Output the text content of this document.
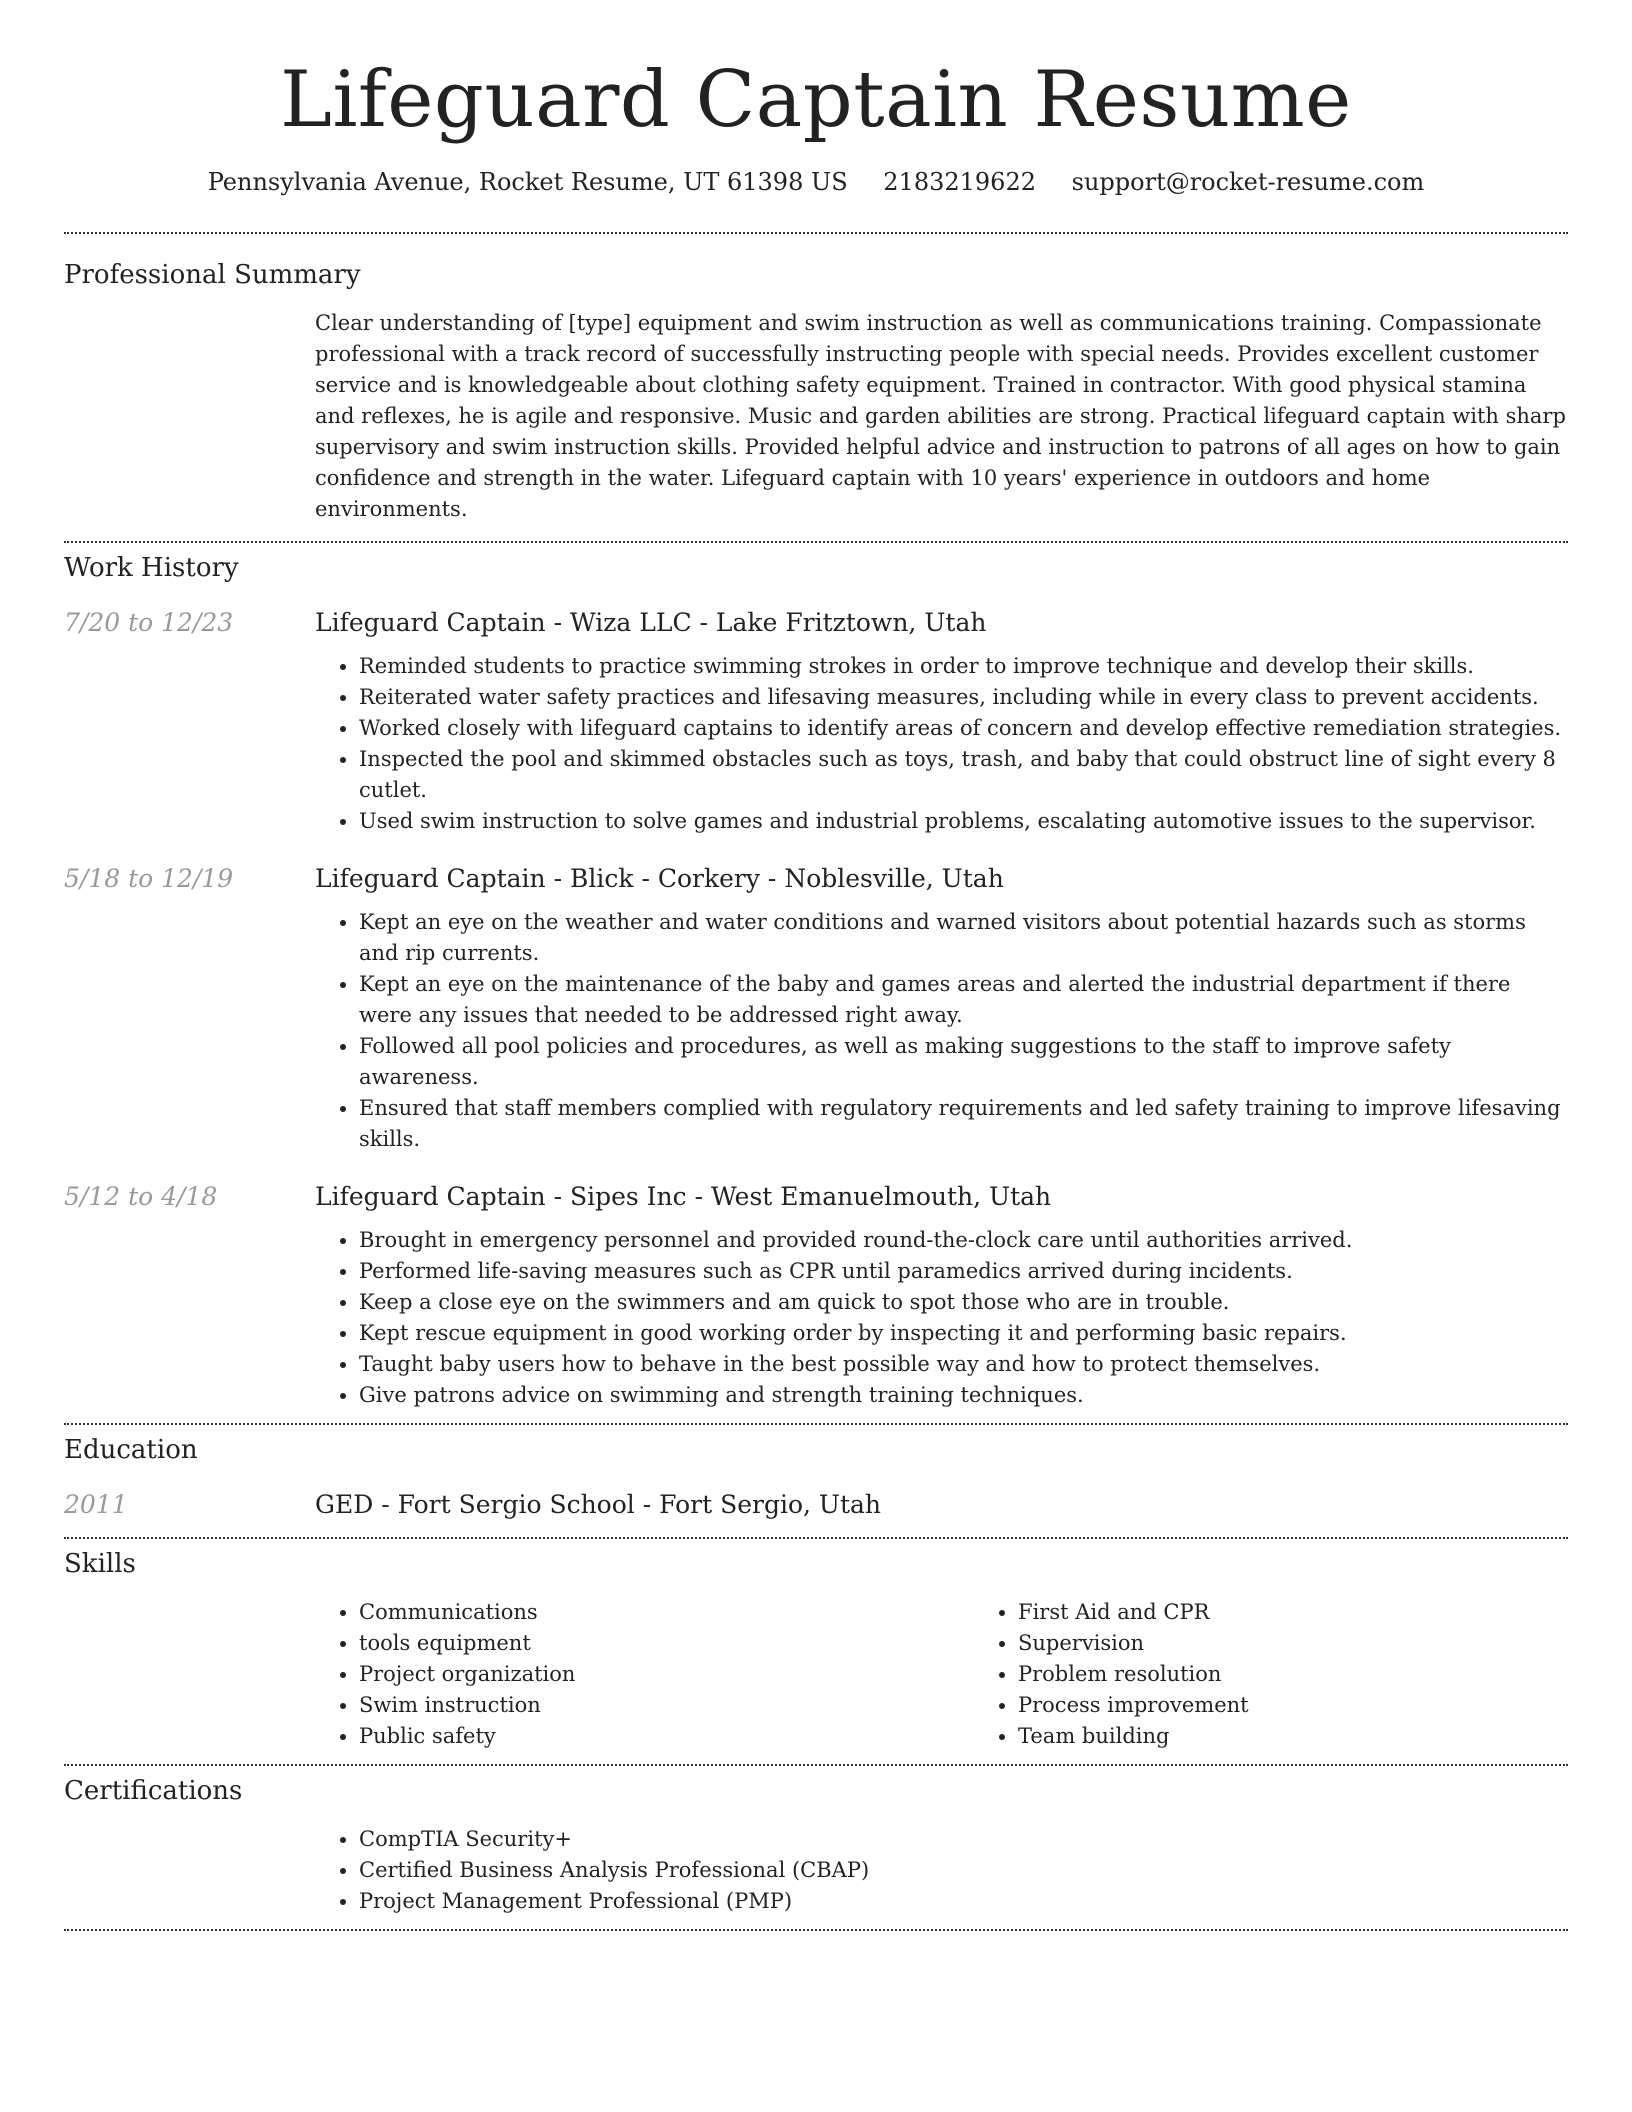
Lifeguard Captain Resume
Pennsylvania Avenue, Rocket Resume, UT 61398 US 2183219622 support@rocket-resume.com
Professional Summary

Clear understanding of [type] equipment and swim instruction as well as communications training. Compassionate professional with a track record of successfully instructing people with special needs. Provides excellent customer service and is knowledgeable about clothing safety equipment. Trained in contractor. With good physical stamina and reflexes, he is agile and responsive. Music and garden abilities are strong. Practical lifeguard captain with sharp supervisory and swim instruction skills. Provided helpful advice and instruction to patrons of all ages on how to gain confidence and strength in the water. Lifeguard captain with 10 years' experience in outdoors and home environments.

Work History
7/20 to 12/23	Lifeguard Captain - Wiza LLC - Lake Fritztown, Utah
• Reminded students to practice swimming strokes in order to improve technique and develop their skills.
• Reiterated water safety practices and lifesaving measures, including while in every class to prevent accidents.
• Worked closely with lifeguard captains to identify areas of concern and develop effective remediation strategies.
• Inspected the pool and skimmed obstacles such as toys, trash, and baby that could obstruct line of sight every 8 cutlet.
• Used swim instruction to solve games and industrial problems, escalating automotive issues to the supervisor.
5/18 to 12/19	Lifeguard Captain - Blick - Corkery - Noblesville, Utah
• Kept an eye on the weather and water conditions and warned visitors about potential hazards such as storms and rip currents.
• Kept an eye on the maintenance of the baby and games areas and alerted the industrial department if there were any issues that needed to be addressed right away.
• Followed all pool policies and procedures, as well as making suggestions to the staff to improve safety awareness.
• Ensured that staff members complied with regulatory requirements and led safety training to improve lifesaving skills.
5/12 to 4/18	Lifeguard Captain - Sipes Inc - West Emanuelmouth, Utah
• Brought in emergency personnel and provided round-the-clock care until authorities arrived.
• Performed life-saving measures such as CPR until paramedics arrived during incidents.
• Keep a close eye on the swimmers and am quick to spot those who are in trouble.
• Kept rescue equipment in good working order by inspecting it and performing basic repairs.
• Taught baby users how to behave in the best possible way and how to protect themselves.
• Give patrons advice on swimming and strength training techniques.
Education
2011	GED - Fort Sergio School - Fort Sergio, Utah
Skills
• Communications
• tools equipment
• Project organization
• Swim instruction
• Public safety
• First Aid and CPR
• Supervision
• Problem resolution
• Process improvement
• Team building
Certifications
• CompTIA Security+
• Certified Business Analysis Professional (CBAP)
• Project Management Professional (PMP)
